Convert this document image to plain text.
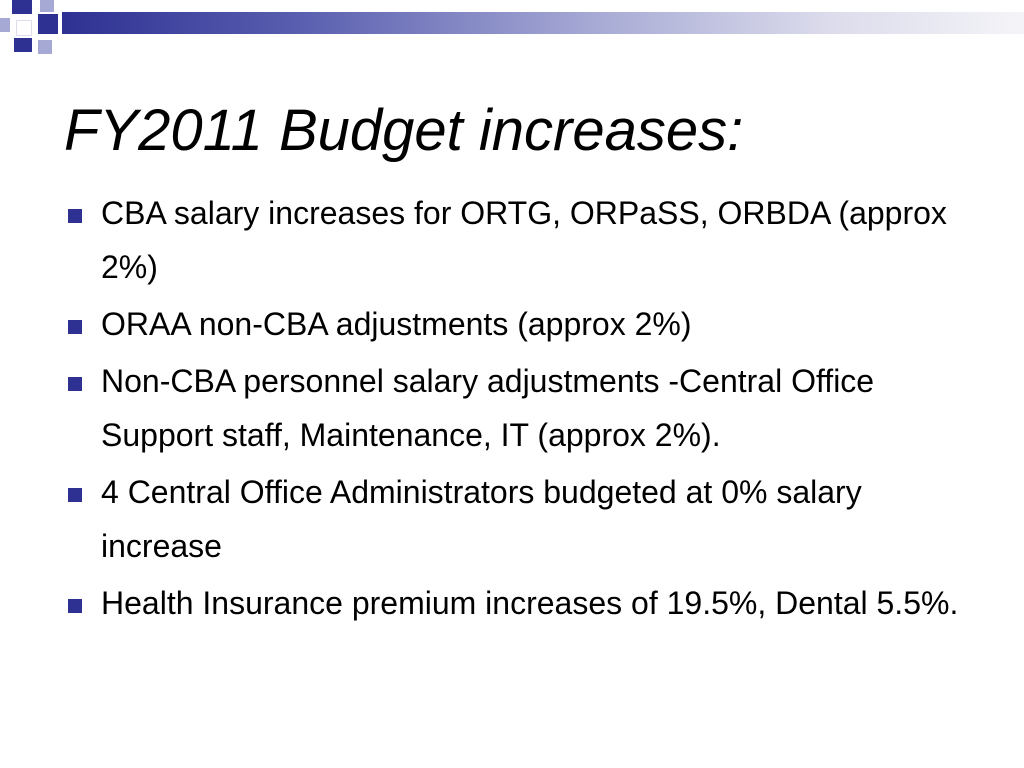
FY2011 Budget increases:
CBA salary increases for ORTG, ORPaSS, ORBDA (approx 2%)
ORAA non-CBA adjustments (approx 2%)
Non-CBA personnel salary adjustments -Central Office Support staff, Maintenance, IT (approx 2%).
4 Central Office Administrators budgeted at 0% salary increase
Health Insurance premium increases of 19.5%, Dental 5.5%.
